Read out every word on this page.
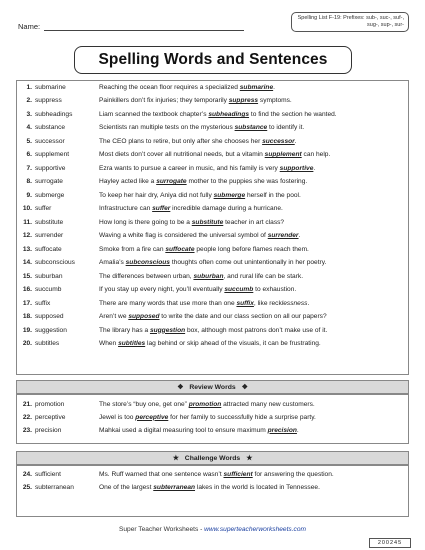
Name:
Spelling List F-19: Prefixes: sub-, suc-, suf-,
sug-, sup-, sur-
Spelling Words and Sentences
1. submarine	Reaching the ocean floor requires a specialized submarine.
2. suppress	Painkillers don’t fix injuries; they temporarily suppress symptoms.
3. subheadings	Liam scanned the textbook chapter’s subheadings to find the section he wanted.
4. substance	Scientists ran multiple tests on the mysterious substance to identify it.
5. successor	The CEO plans to retire, but only after she chooses her successor.
6. supplement	Most diets don’t cover all nutritional needs, but a vitamin supplement can help.
7. supportive	Ezra wants to pursue a career in music, and his family is very supportive.
8. surrogate	Hayley acted like a surrogate mother to the puppies she was fostering.
9. submerge	To keep her hair dry, Aniya did not fully submerge herself in the pool.
10. suffer	Infrastructure can suffer incredible damage during a hurricane.
11. substitute	How long is there going to be a substitute teacher in art class?
12. surrender	Waving a white flag is considered the universal symbol of surrender.
13. suffocate	Smoke from a fire can suffocate people long before flames reach them.
14. subconscious	Amalia’s subconscious thoughts often come out unintentionally in her poetry.
15. suburban	The differences between urban, suburban, and rural life can be stark.
16. succumb	If you stay up every night, you’ll eventually succumb to exhaustion.
17. suffix	There are many words that use more than one suffix, like recklessness.
18. supposed	Aren’t we supposed to write the date and our class section on all our papers?
19. suggestion	The library has a suggestion box, although most patrons don’t make use of it.
20. subtitles	When subtitles lag behind or skip ahead of the visuals, it can be frustrating.
❖ Review Words ❖
21. promotion	The store’s “buy one, get one” promotion attracted many new customers.
22. perceptive	Jewel is too perceptive for her family to successfully hide a surprise party.
23. precision	Mahkai used a digital measuring tool to ensure maximum precision.
★ Challenge Words ★
24. sufficient	Ms. Ruff warned that one sentence wasn’t sufficient for answering the question.
25. subterranean	One of the largest subterranean lakes in the world is located in Tennessee.
Super Teacher Worksheets - www.superteacherworksheets.com
200245
